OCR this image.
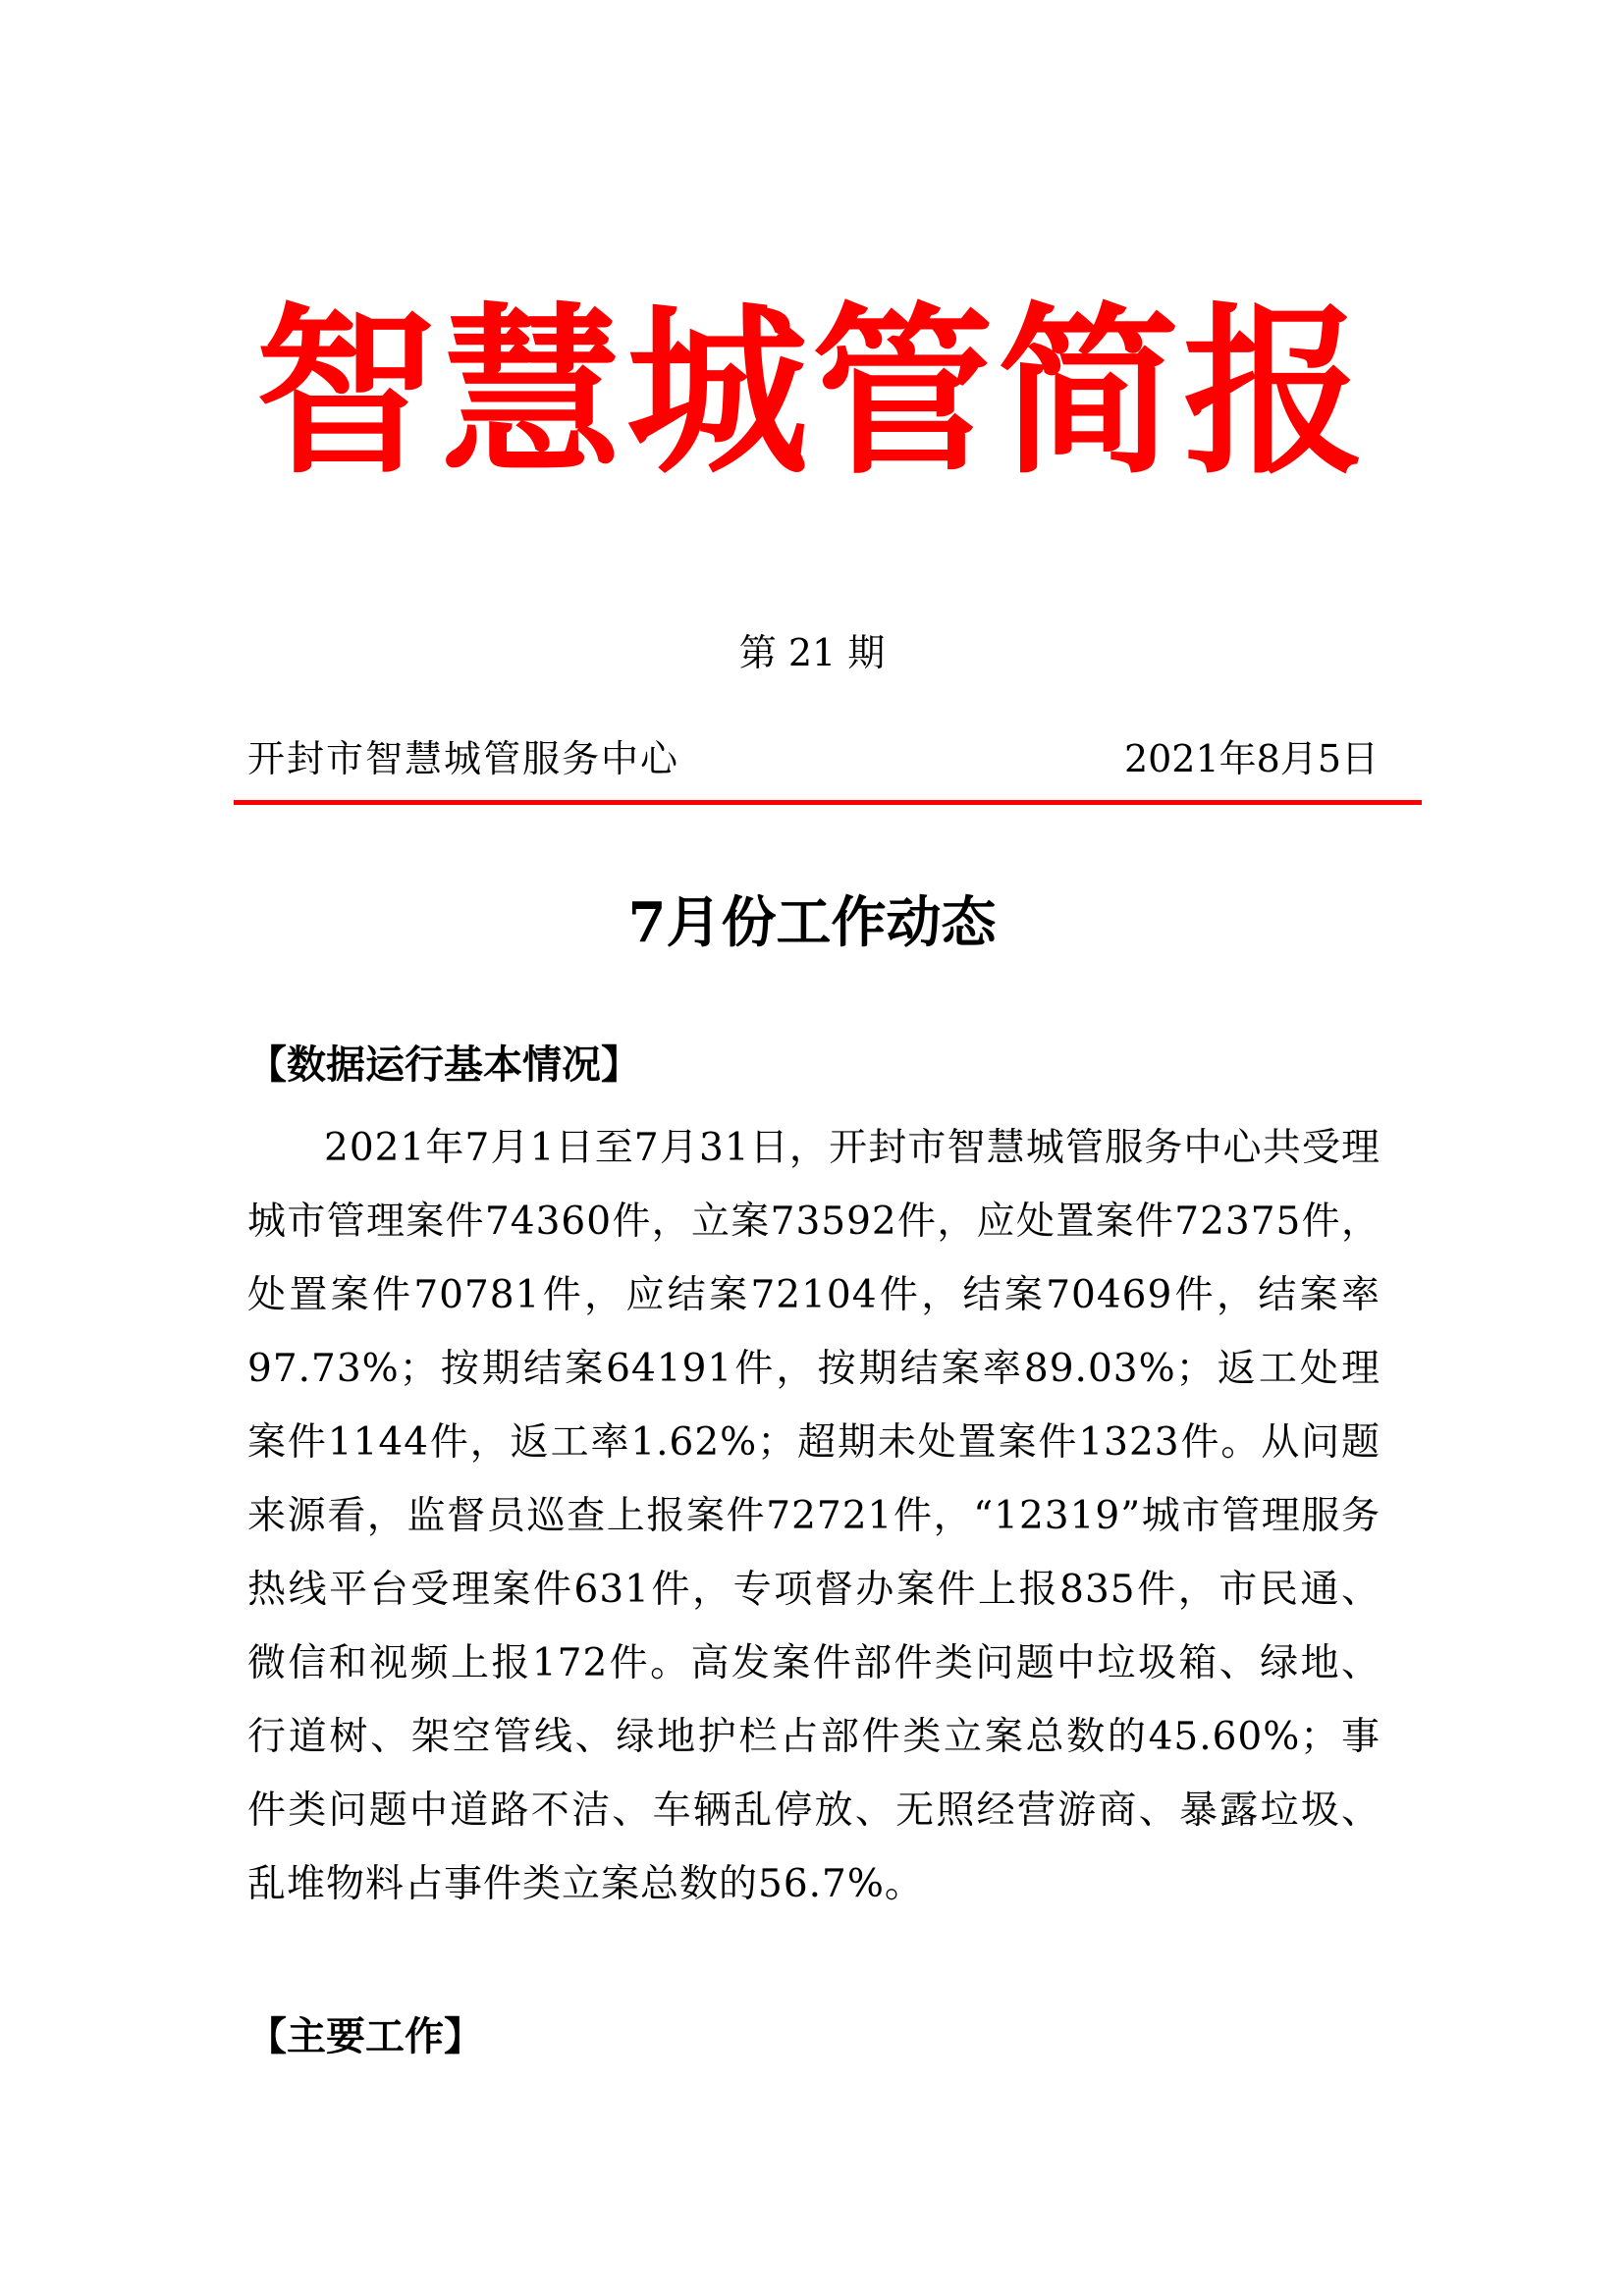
智慧城管简报
第 21 期
开封市智慧城管服务中心	2021年8月5日
7月份工作动态
【数据运行基本情况】

2021年7月1日至7月31日，开封市智慧城管服务中心共受理城市管理案件74360件，立案73592件，应处置案件72375件，处置案件70781件，应结案72104件，结案70469件，结案率97.73%；按期结案64191件，按期结案率89.03%；返工处理案件1144件，返工率1.62%；超期未处置案件1323件。从问题来源看，监督员巡查上报案件72721件，“12319”城市管理服务热线平台受理案件631件，专项督办案件上报835件，市民通、微信和视频上报172件。高发案件部件类问题中垃圾箱、绿地、行道树、架空管线、绿地护栏占部件类立案总数的45.60%；事件类问题中道路不洁、车辆乱停放、无照经营游商、暴露垃圾、乱堆物料占事件类立案总数的56.7%。

【主要工作】
